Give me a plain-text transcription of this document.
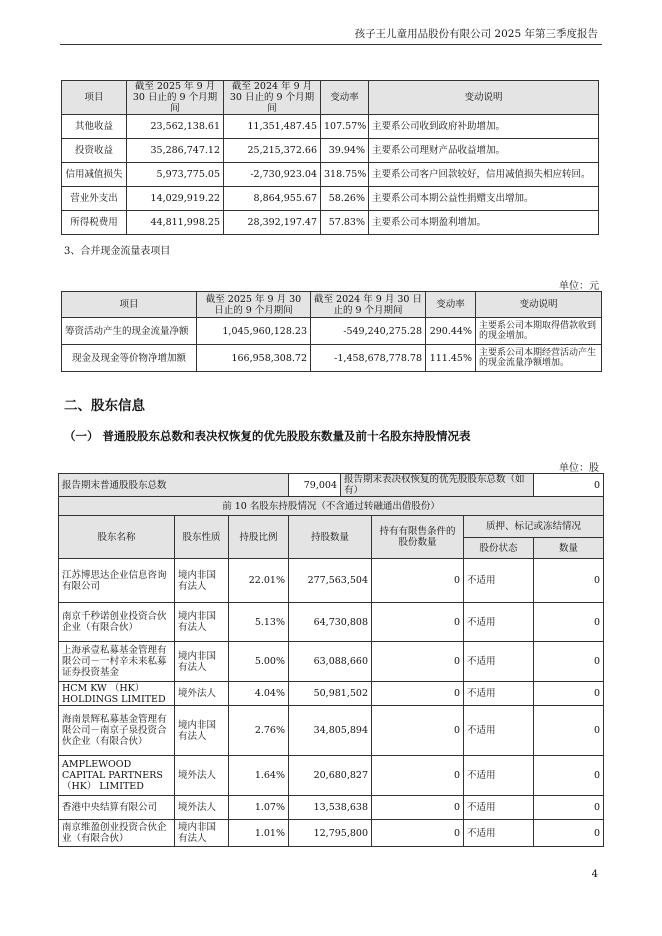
孩子王儿童用品股份有限公司 2025 年第三季度报告
项目	截至 2025 年 9 月 30 日止的 9 个月期间	截至 2024 年 9 月 30 日止的 9 个月期间	变动率	变动说明
其他收益	23,562,138.61	11,351,487.45	107.57%	主要系公司收到政府补助增加。
投资收益	35,286,747.12	25,215,372.66	39.94%	主要系公司理财产品收益增加。
信用减值损失	5,973,775.05	-2,730,923.04	318.75%	主要系公司客户回款较好，信用减值损失相应转回。
营业外支出	14,029,919.22	8,864,955.67	58.26%	主要系公司本期公益性捐赠支出增加。
所得税费用	44,811,998.25	28,392,197.47	57.83%	主要系公司本期盈利增加。
3、合并现金流量表项目
单位：元
项目	截至 2025 年 9 月 30 日止的 9 个月期间	截至 2024 年 9 月 30 日止的 9 个月期间	变动率	变动说明
筹资活动产生的现金流量净额	1,045,960,128.23	-549,240,275.28	290.44%	主要系公司本期取得借款收到的现金增加。
现金及现金等价物净增加额	166,958,308.72	-1,458,678,778.78	111.45%	主要系公司本期经营活动产生的现金流量净额增加。
二、股东信息
（一） 普通股股东总数和表决权恢复的优先股股东数量及前十名股东持股情况表
单位：股
报告期末普通股股东总数			79,004	报告期末表决权恢复的优先股股东总数（如有）			0
前 10 名股东持股情况（不含通过转融通出借股份）							
股东名称	股东性质	持股比例	持股数量		持有有限售条件的股份数量	质押、标记或冻结情况	
						股份状态	数量
江苏博思达企业信息咨询有限公司	境内非国有法人	22.01%	277,563,504		0	不适用	0
南京千秒诺创业投资合伙企业（有限合伙）	境内非国有法人	5.13%	64,730,808		0	不适用	0
上海承壹私募基金管理有限公司－一村辛未来私募证券投资基金	境内非国有法人	5.00%	63,088,660		0	不适用	0
HCM KW （HK） HOLDINGS LIMITED	境外法人	4.04%	50,981,502		0	不适用	0
海南景辉私募基金管理有限公司－南京子泉投资合伙企业（有限合伙）	境内非国有法人	2.76%	34,805,894		0	不适用	0
AMPLEWOOD CAPITAL PARTNERS （HK） LIMITED	境外法人	1.64%	20,680,827		0	不适用	0
香港中央结算有限公司	境外法人	1.07%	13,538,638		0	不适用	0
南京维盈创业投资合伙企业（有限合伙）	境内非国有法人	1.01%	12,795,800		0	不适用	0
4
